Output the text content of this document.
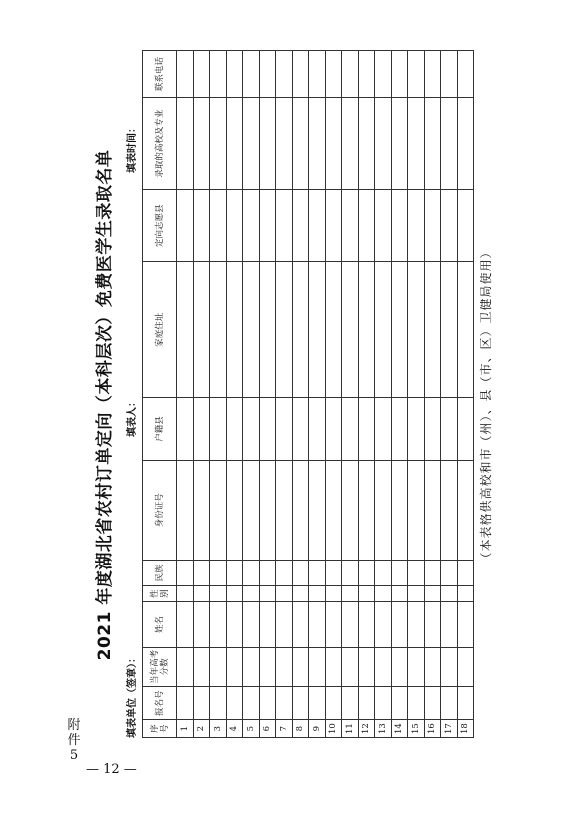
— 12 —
附件 5
2021 年度湖北省农村订单定向（本科层次）免费医学生录取名单
填表单位（签章）：
填表人：
填表时间：
序号	报名号	当年高考分数	姓名	性别	民族	身份证号	户籍县	家庭住址	定向志愿县	录取的高校及专业	联系电话
1											
2											
3											
4											
5											
6											
7											
8											
9											
10											
11											
12											
13											
14											
15											
16											
17											
18											
（本表格供高校和市（州）、县（市、区）卫健局使用）
